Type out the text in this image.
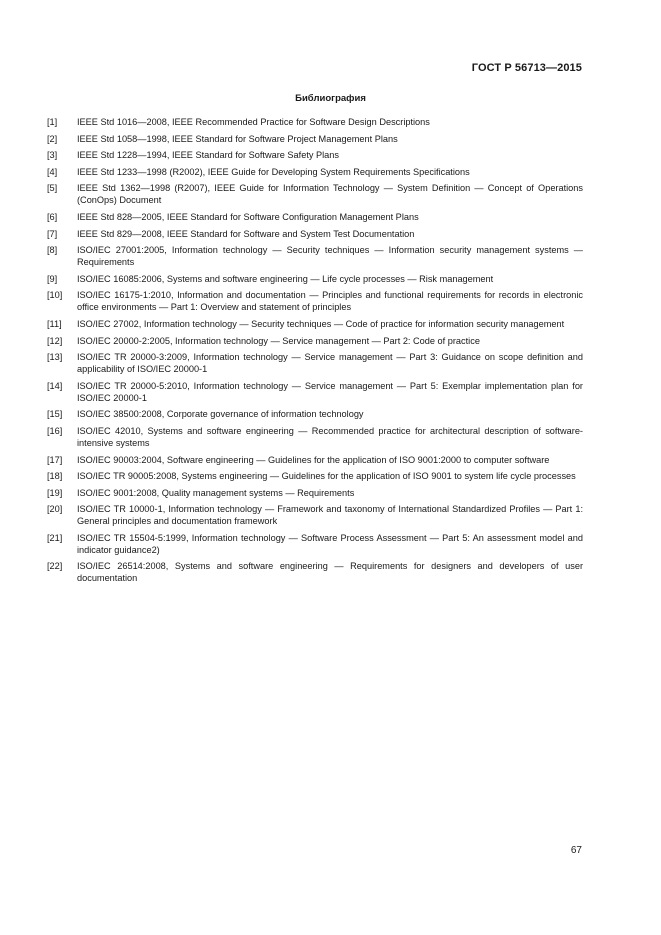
ГОСТ Р 56713—2015
Библиография
[1]	IEEE Std 1016—2008, IEEE Recommended Practice for Software Design Descriptions
[2]	IEEE Std 1058—1998, IEEE Standard for Software Project Management Plans
[3]	IEEE Std 1228—1994, IEEE Standard for Software Safety Plans
[4]	IEEE Std 1233—1998 (R2002), IEEE Guide for Developing System Requirements Specifications
[5]	IEEE Std 1362—1998 (R2007), IEEE Guide for Information Technology — System Definition — Concept of Operations (ConOps) Document
[6]	IEEE Std 828—2005, IEEE Standard for Software Configuration Management Plans
[7]	IEEE Std 829—2008, IEEE Standard for Software and System Test Documentation
[8]	ISO/IEC 27001:2005, Information technology — Security techniques — Information security management systems — Requirements
[9]	ISO/IEC 16085:2006, Systems and software engineering — Life cycle processes — Risk management
[10]	ISO/IEC 16175-1:2010, Information and documentation — Principles and functional requirements for records in electronic office environments — Part 1: Overview and statement of principles
[11]	ISO/IEC 27002, Information technology — Security techniques — Code of practice for information security management
[12]	ISO/IEC 20000-2:2005, Information technology — Service management — Part 2: Code of practice
[13]	ISO/IEC TR 20000-3:2009, Information technology — Service management — Part 3: Guidance on scope definition and applicability of ISO/IEC 20000-1
[14]	ISO/IEC TR 20000-5:2010, Information technology — Service management — Part 5: Exemplar implementation plan for ISO/IEC 20000-1
[15]	ISO/IEC 38500:2008, Corporate governance of information technology
[16]	ISO/IEC 42010, Systems and software engineering — Recommended practice for architectural description of software-intensive systems
[17]	ISO/IEC 90003:2004, Software engineering — Guidelines for the application of ISO 9001:2000 to computer software
[18]	ISO/IEC TR 90005:2008, Systems engineering — Guidelines for the application of ISO 9001 to system life cycle processes
[19]	ISO/IEC 9001:2008, Quality management systems — Requirements
[20]	ISO/IEC TR 10000-1, Information technology — Framework and taxonomy of International Standardized Profiles — Part 1: General principles and documentation framework
[21]	ISO/IEC TR 15504-5:1999, Information technology — Software Process Assessment — Part 5: An assessment model and indicator guidance2)
[22]	ISO/IEC 26514:2008, Systems and software engineering — Requirements for designers and developers of user documentation
67
